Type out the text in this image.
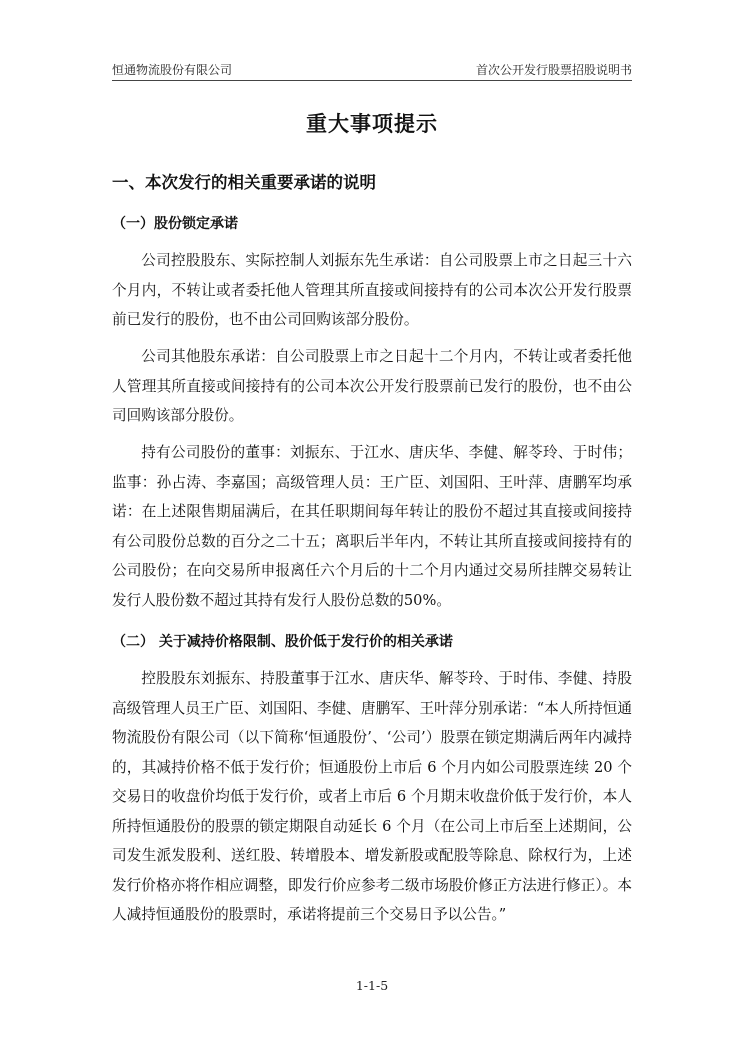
恒通物流股份有限公司	首次公开发行股票招股说明书
重大事项提示
一、本次发行的相关重要承诺的说明
（一）股份锁定承诺

公司控股股东、实际控制人刘振东先生承诺：自公司股票上市之日起三十六个月内，不转让或者委托他人管理其所直接或间接持有的公司本次公开发行股票前已发行的股份，也不由公司回购该部分股份。

公司其他股东承诺：自公司股票上市之日起十二个月内，不转让或者委托他人管理其所直接或间接持有的公司本次公开发行股票前已发行的股份，也不由公司回购该部分股份。

持有公司股份的董事：刘振东、于江水、唐庆华、李健、解苓玲、于时伟；监事：孙占涛、李嘉国；高级管理人员：王广臣、刘国阳、王叶萍、唐鹏军均承诺：在上述限售期届满后，在其任职期间每年转让的股份不超过其直接或间接持有公司股份总数的百分之二十五；离职后半年内，不转让其所直接或间接持有的公司股份；在向交易所申报离任六个月后的十二个月内通过交易所挂牌交易转让发行人股份数不超过其持有发行人股份总数的50%。

（二） 关于减持价格限制、股价低于发行价的相关承诺

控股股东刘振东、持股董事于江水、唐庆华、解苓玲、于时伟、李健、持股高级管理人员王广臣、刘国阳、李健、唐鹏军、王叶萍分别承诺：“本人所持恒通物流股份有限公司（以下简称‘恒通股份’、‘公司’）股票在锁定期满后两年内减持的，其减持价格不低于发行价；恒通股份上市后 6 个月内如公司股票连续 20 个交易日的收盘价均低于发行价，或者上市后 6 个月期末收盘价低于发行价，本人所持恒通股份的股票的锁定期限自动延长 6 个月（在公司上市后至上述期间，公司发生派发股利、送红股、转增股本、增发新股或配股等除息、除权行为，上述发行价格亦将作相应调整，即发行价应参考二级市场股价修正方法进行修正）。本人减持恒通股份的股票时，承诺将提前三个交易日予以公告。”

1-1-5
